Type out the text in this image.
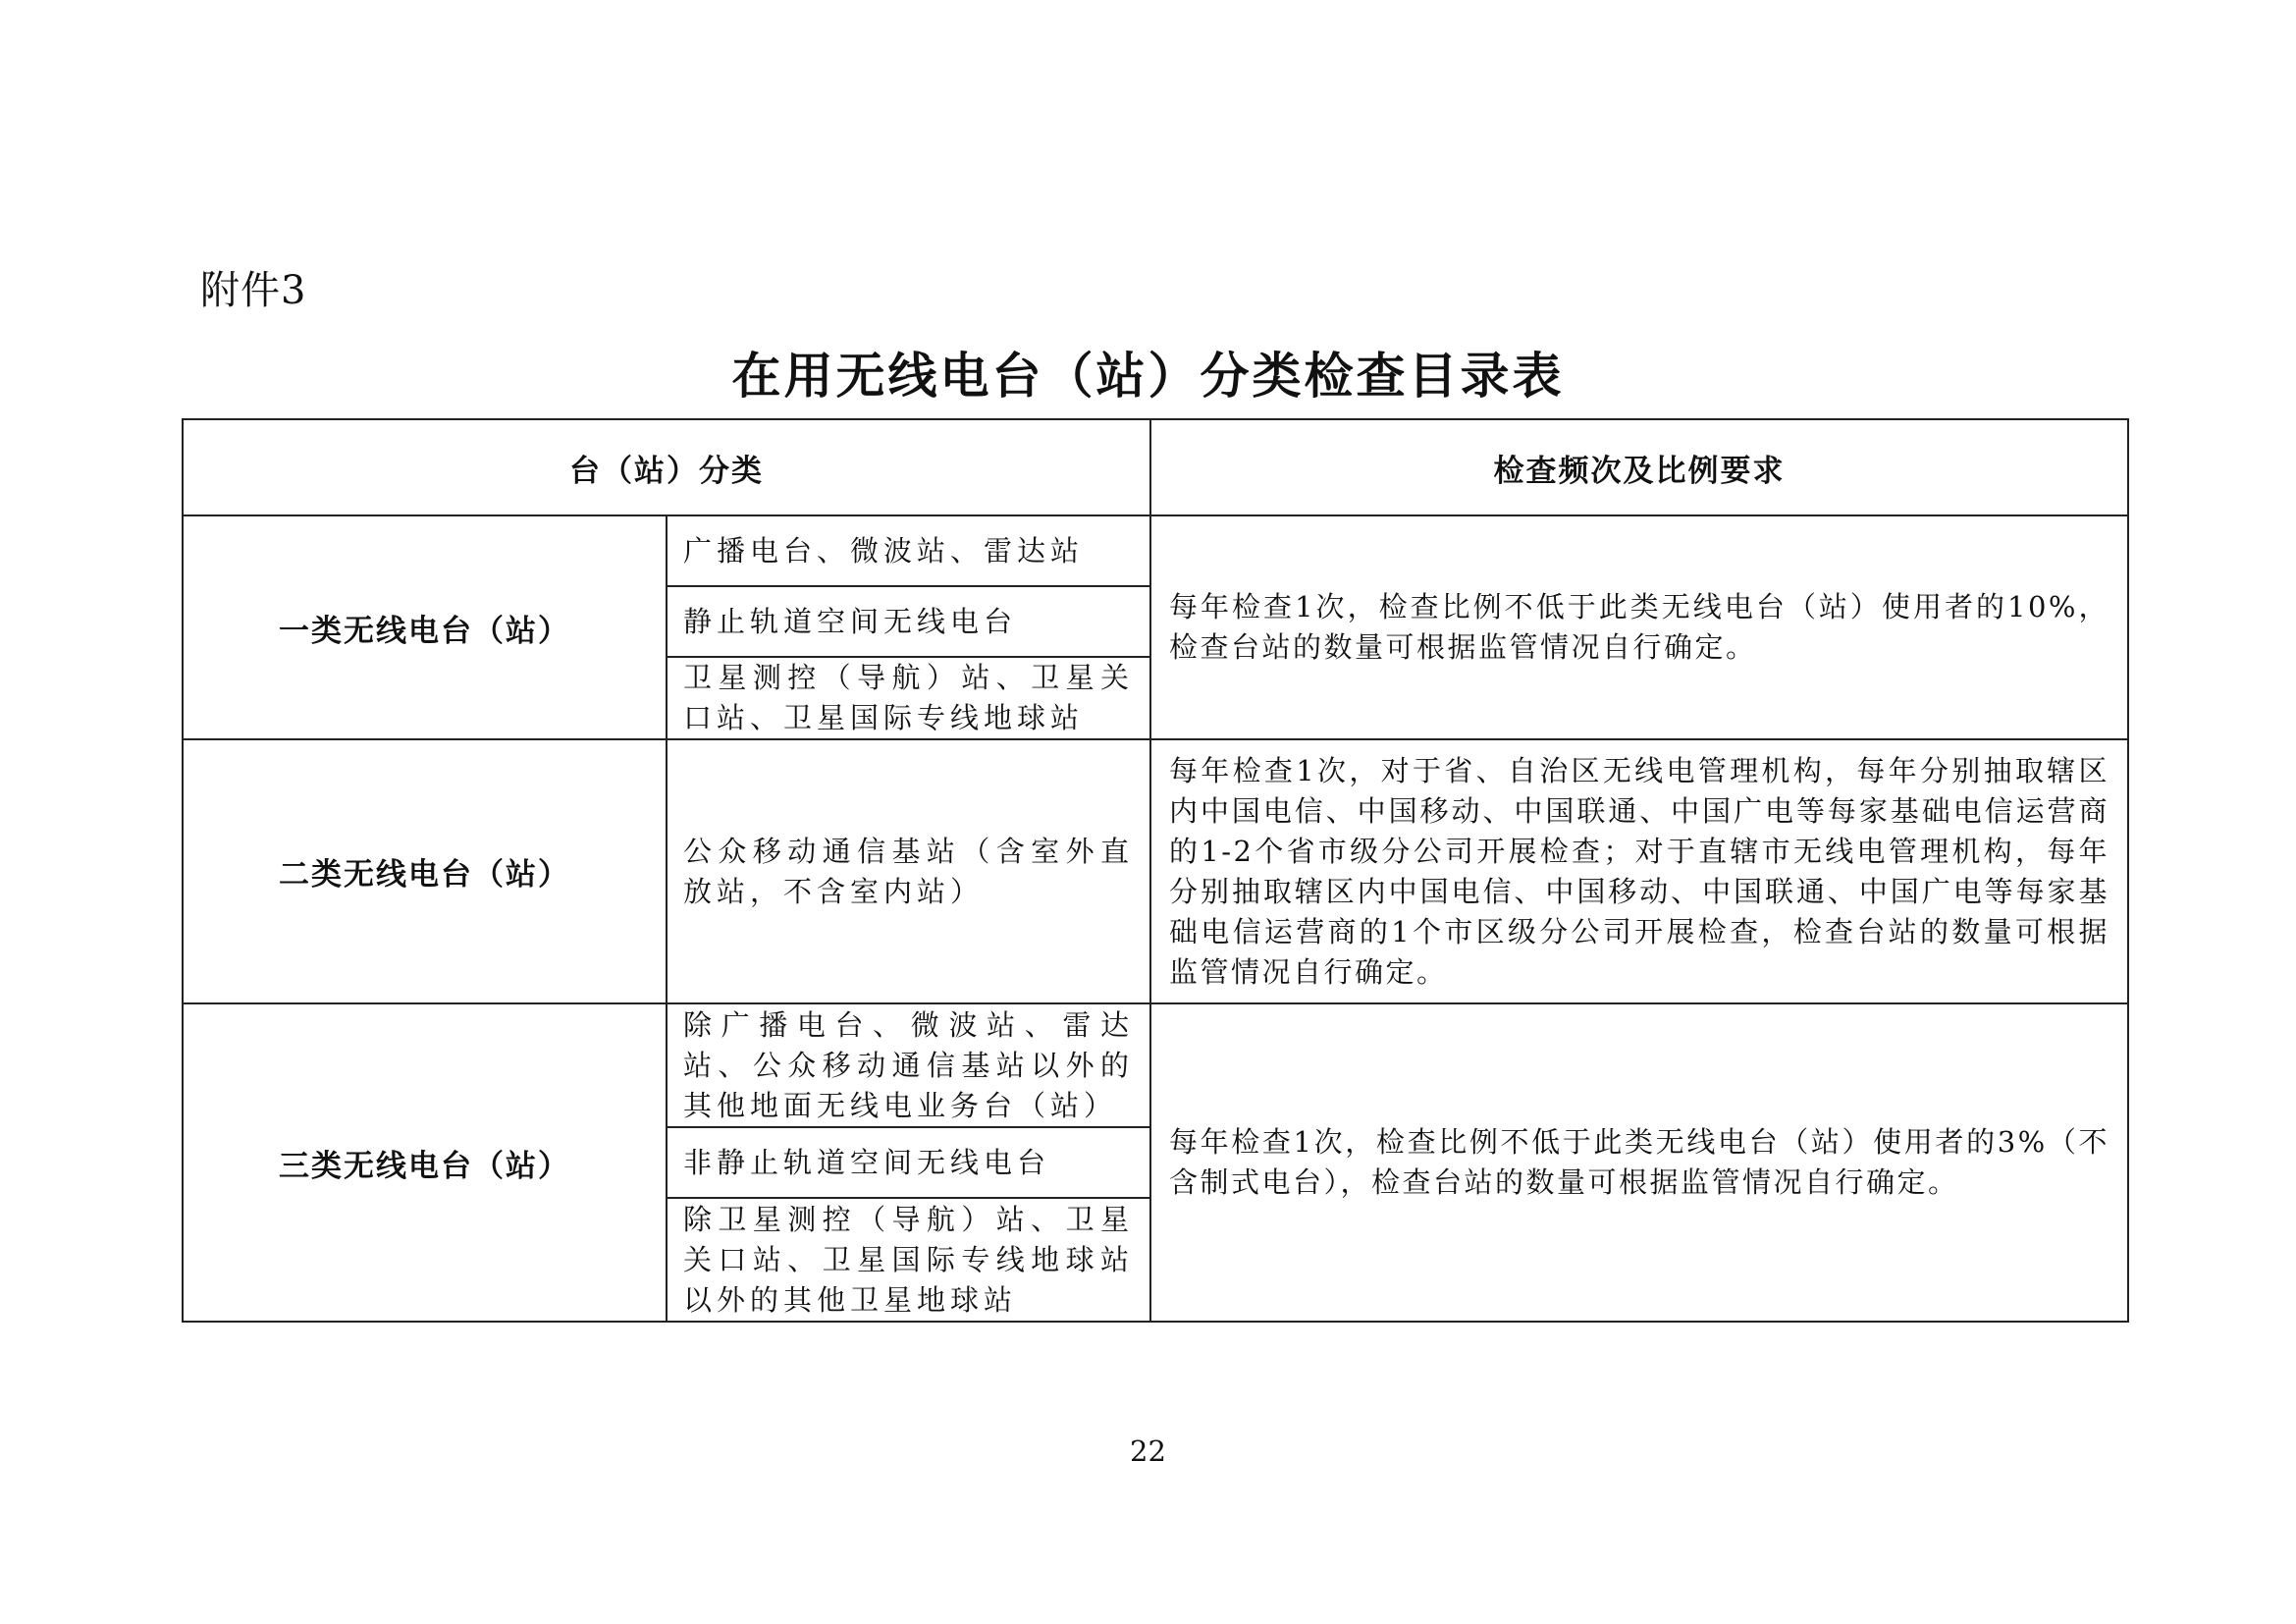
附件3
在用无线电台（站）分类检查目录表
台（站）分类		检查频次及比例要求
一类无线电台（站）	广播电台、微波站、雷达站	每年检查1次，检查比例不低于此类无线电台（站）使用者的10%，检查台站的数量可根据监管情况自行确定。
	静止轨道空间无线电台	
	卫星测控（导航）站、卫星关口站、卫星国际专线地球站	
二类无线电台（站）	公众移动通信基站（含室外直放站，不含室内站）	每年检查1次，对于省、自治区无线电管理机构，每年分别抽取辖区内中国电信、中国移动、中国联通、中国广电等每家基础电信运营商的1-2个省市级分公司开展检查；对于直辖市无线电管理机构，每年分别抽取辖区内中国电信、中国移动、中国联通、中国广电等每家基础电信运营商的1个市区级分公司开展检查，检查台站的数量可根据监管情况自行确定。
三类无线电台（站）	除广播电台、微波站、雷达站、公众移动通信基站以外的其他地面无线电业务台（站）	每年检查1次，检查比例不低于此类无线电台（站）使用者的3%（不含制式电台），检查台站的数量可根据监管情况自行确定。
	非静止轨道空间无线电台	
	除卫星测控（导航）站、卫星关口站、卫星国际专线地球站以外的其他卫星地球站	
22
